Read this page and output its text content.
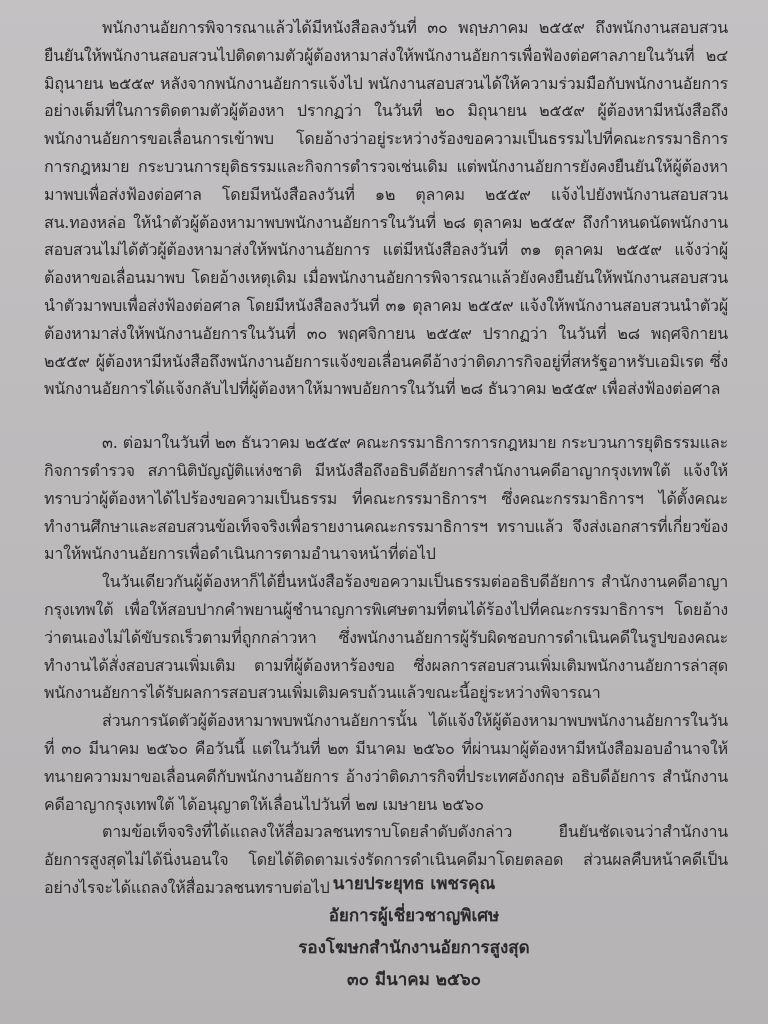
พนักงานอัยการพิจารณาแล้วได้มีหนังสือลงวันที่ ๓๐ พฤษภาคม ๒๕๕๙ ถึงพนักงานสอบสวน ยืนยันให้พนักงานสอบสวนไปติดตามตัวผู้ต้องหามาส่งให้พนักงานอัยการเพื่อฟ้องต่อศาลภายในวันที่ ๒๔ มิถุนายน ๒๕๕๙ หลังจากพนักงานอัยการแจ้งไป พนักงานสอบสวนได้ให้ความร่วมมือกับพนักงานอัยการอย่างเต็มที่ในการติดตามตัวผู้ต้องหา ปรากฏว่า ในวันที่ ๒๐ มิถุนายน ๒๕๕๙ ผู้ต้องหามีหนังสือถึงพนักงานอัยการขอเลื่อนการเข้าพบ โดยอ้างว่าอยู่ระหว่างร้องขอความเป็นธรรมไปที่คณะกรรมาธิการการกฎหมาย กระบวนการยุติธรรมและกิจการตำรวจเช่นเดิม แต่พนักงานอัยการยังคงยืนยันให้ผู้ต้องหามาพบเพื่อส่งฟ้องต่อศาล โดยมีหนังสือลงวันที่ ๑๒ ตุลาคม ๒๕๕๙ แจ้งไปยังพนักงานสอบสวน สน.ทองหล่อ ให้นำตัวผู้ต้องหามาพบพนักงานอัยการในวันที่ ๒๘ ตุลาคม ๒๕๕๙ ถึงกำหนดนัดพนักงานสอบสวนไม่ได้ตัวผู้ต้องหามาส่งให้พนักงานอัยการ แต่มีหนังสือลงวันที่ ๓๑ ตุลาคม ๒๕๕๙ แจ้งว่าผู้ต้องหาขอเลื่อนมาพบ โดยอ้างเหตุเดิม เมื่อพนักงานอัยการพิจารณาแล้วยังคงยืนยันให้พนักงานสอบสวนนำตัวมาพบเพื่อส่งฟ้องต่อศาล โดยมีหนังสือลงวันที่ ๓๑ ตุลาคม ๒๕๕๙ แจ้งให้พนักงานสอบสวนนำตัวผู้ต้องหามาส่งให้พนักงานอัยการในวันที่ ๓๐ พฤศจิกายน ๒๕๕๙ ปรากฏว่า ในวันที่ ๒๘ พฤศจิกายน ๒๕๕๙ ผู้ต้องหามีหนังสือถึงพนักงานอัยการแจ้งขอเลื่อนคดีอ้างว่าติดภารกิจอยู่ที่สหรัฐอาหรับเอมิเรต ซึ่งพนักงานอัยการได้แจ้งกลับไปที่ผู้ต้องหาให้มาพบอัยการในวันที่ ๒๘ ธันวาคม ๒๕๕๙ เพื่อส่งฟ้องต่อศาล

๓. ต่อมาในวันที่ ๒๓ ธันวาคม ๒๕๕๙ คณะกรรมาธิการการกฎหมาย กระบวนการยุติธรรมและกิจการตำรวจ สภานิติบัญญัติแห่งชาติ มีหนังสือถึงอธิบดีอัยการสำนักงานคดีอาญากรุงเทพใต้ แจ้งให้ทราบว่าผู้ต้องหาได้ไปร้องขอความเป็นธรรม ที่คณะกรรมาธิการฯ ซึ่งคณะกรรมาธิการฯ ได้ตั้งคณะทำงานศึกษาและสอบสวนข้อเท็จจริงเพื่อรายงานคณะกรรมาธิการฯ ทราบแล้ว จึงส่งเอกสารที่เกี่ยวข้องมาให้พนักงานอัยการเพื่อดำเนินการตามอำนาจหน้าที่ต่อไป

ในวันเดียวกันผู้ต้องหาก็ได้ยื่นหนังสือร้องขอความเป็นธรรมต่ออธิบดีอัยการ สำนักงานคดีอาญากรุงเทพใต้ เพื่อให้สอบปากคำพยานผู้ชำนาญการพิเศษตามที่ตนได้ร้องไปที่คณะกรรมาธิการฯ โดยอ้างว่าตนเองไม่ได้ขับรถเร็วตามที่ถูกกล่าวหา ซึ่งพนักงานอัยการผู้รับผิดชอบการดำเนินคดีในรูปของคณะทำงานได้สั่งสอบสวนเพิ่มเติม ตามที่ผู้ต้องหาร้องขอ ซึ่งผลการสอบสวนเพิ่มเติมพนักงานอัยการล่าสุดพนักงานอัยการได้รับผลการสอบสวนเพิ่มเติมครบถ้วนแล้วขณะนี้อยู่ระหว่างพิจารณา

ส่วนการนัดตัวผู้ต้องหามาพบพนักงานอัยการนั้น ได้แจ้งให้ผู้ต้องหามาพบพนักงานอัยการในวันที่ ๓๐ มีนาคม ๒๕๖๐ คือวันนี้ แต่ในวันที่ ๒๓ มีนาคม ๒๕๖๐ ที่ผ่านมาผู้ต้องหามีหนังสือมอบอำนาจให้ทนายความมาขอเลื่อนคดีกับพนักงานอัยการ อ้างว่าติดภารกิจที่ประเทศอังกฤษ อธิบดีอัยการ สำนักงานคดีอาญากรุงเทพใต้ ได้อนุญาตให้เลื่อนไปวันที่ ๒๗ เมษายน ๒๕๖๐

ตามข้อเท็จจริงที่ได้แถลงให้สื่อมวลชนทราบโดยลำดับดังกล่าว ยืนยันชัดเจนว่าสำนักงานอัยการสูงสุดไม่ได้นิ่งนอนใจ โดยได้ติดตามเร่งรัดการดำเนินคดีมาโดยตลอด ส่วนผลคืบหน้าคดีเป็นอย่างไรจะได้แถลงให้สื่อมวลชนทราบต่อไป นายประยุทธ เพชรคุณ
อัยการผู้เชี่ยวชาญพิเศษ
รองโฆษกสำนักงานอัยการสูงสุด
๓๐ มีนาคม ๒๕๖๐
